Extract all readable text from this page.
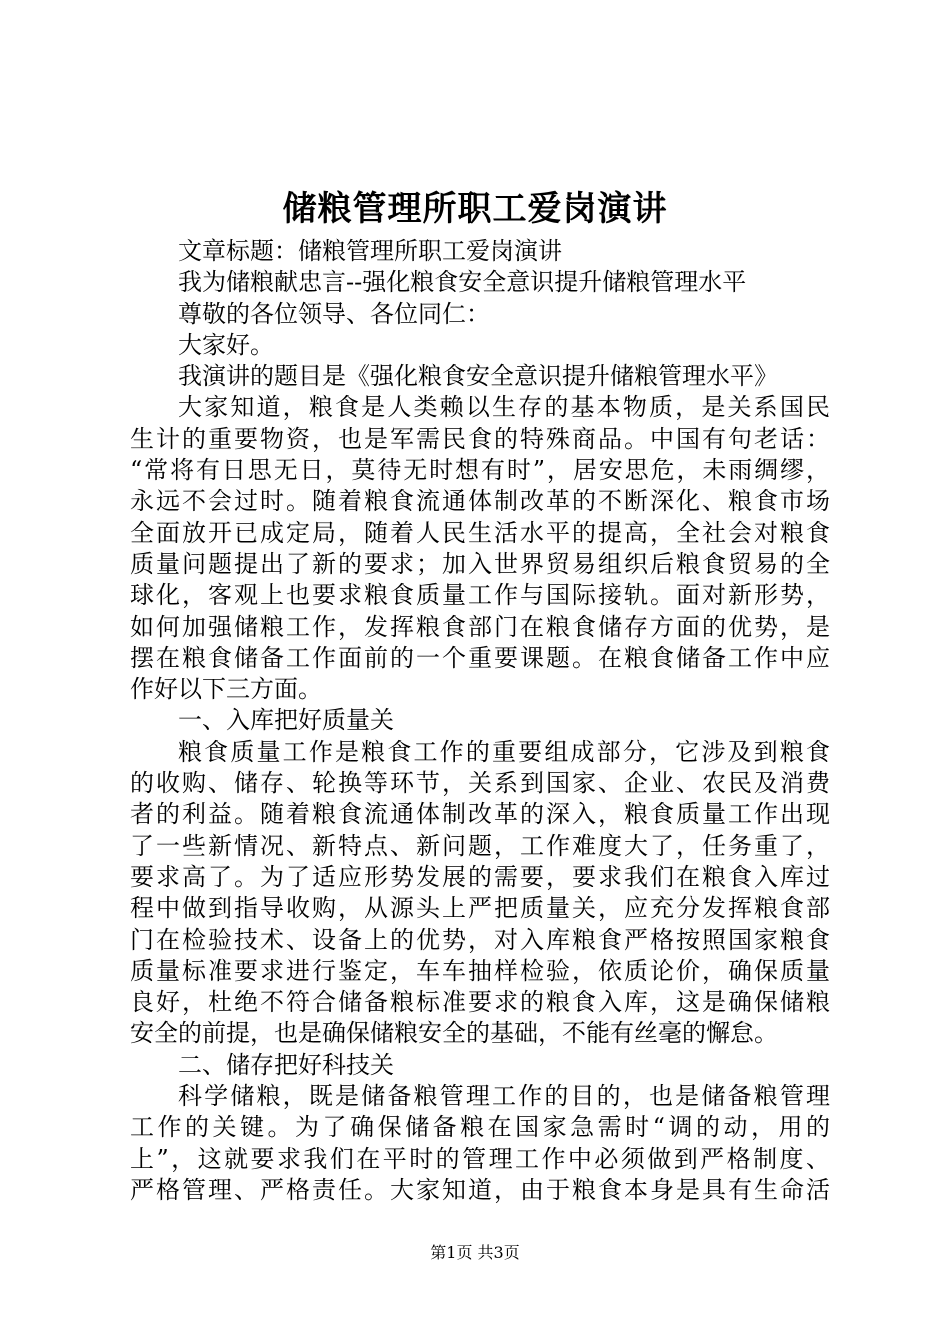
储粮管理所职工爱岗演讲
文章标题：储粮管理所职工爱岗演讲
我为储粮献忠言--强化粮食安全意识提升储粮管理水平
尊敬的各位领导、各位同仁：
大家好。
我演讲的题目是《强化粮食安全意识提升储粮管理水平》
大家知道，粮食是人类赖以生存的基本物质，是关系国民
生计的重要物资，也是军需民食的特殊商品。中国有句老话：
“常将有日思无日，莫待无时想有时”，居安思危，未雨绸缪，
永远不会过时。随着粮食流通体制改革的不断深化、粮食市场
全面放开已成定局，随着人民生活水平的提高，全社会对粮食
质量问题提出了新的要求；加入世界贸易组织后粮食贸易的全
球化，客观上也要求粮食质量工作与国际接轨。面对新形势，
如何加强储粮工作，发挥粮食部门在粮食储存方面的优势，是
摆在粮食储备工作面前的一个重要课题。在粮食储备工作中应
作好以下三方面。
一、入库把好质量关
粮食质量工作是粮食工作的重要组成部分，它涉及到粮食
的收购、储存、轮换等环节，关系到国家、企业、农民及消费
者的利益。随着粮食流通体制改革的深入，粮食质量工作出现
了一些新情况、新特点、新问题，工作难度大了，任务重了，
要求高了。为了适应形势发展的需要，要求我们在粮食入库过
程中做到指导收购，从源头上严把质量关，应充分发挥粮食部
门在检验技术、设备上的优势，对入库粮食严格按照国家粮食
质量标准要求进行鉴定，车车抽样检验，依质论价，确保质量
良好，杜绝不符合储备粮标准要求的粮食入库，这是确保储粮
安全的前提，也是确保储粮安全的基础，不能有丝毫的懈怠。
二、储存把好科技关
科学储粮，既是储备粮管理工作的目的，也是储备粮管理
工作的关键。为了确保储备粮在国家急需时“调的动，用的
上”，这就要求我们在平时的管理工作中必须做到严格制度、
严格管理、严格责任。大家知道，由于粮食本身是具有生命活
第1页 共3页
